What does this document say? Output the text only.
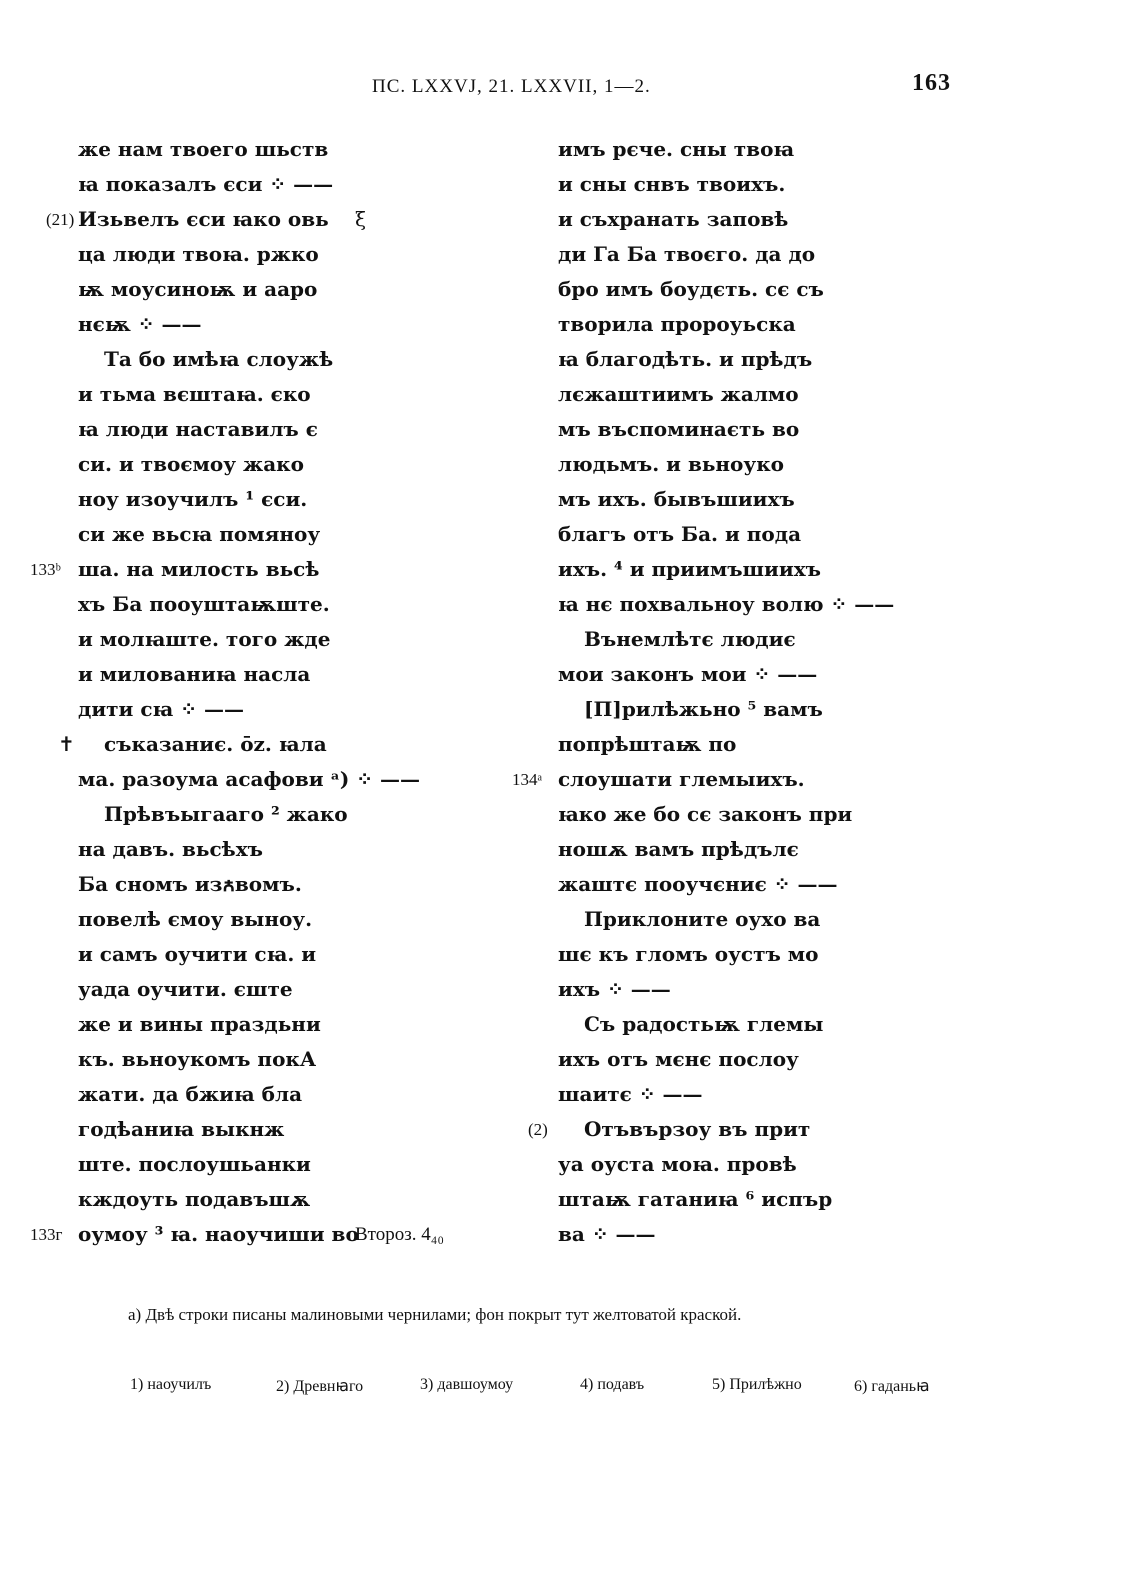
ПС. LXXVJ, 21. LXXVII, 1—2.	163
же нам твоего шьств
ꙗ показалъ єси ⁘ ——
(21) Изьвелъ єси ꙗко овь ξ
ца люди твоꙗ. ржко
ѭ моусиноѭ и ааро
нєѭ ⁘ ——
Та бо имѣꙗ слоужѣ
и тьма вєштаꙗ. єко
ꙗ люди наставилъ є
си. и твоємоу жако
ноу изоучилъ ¹ єси.
си же вьсꙗ помяноу
133ᵇ ша. на милость вьсѣ
хъ Ба пооуштаѭште.
и молꙗште. того жде
и милованиꙗ насла
дити сꙗ ⁘ ——
✝ съказаниє. ōz. ꙗла
ма. разоума асафови ᵃ) ⁘ ——
Прѣвъыгааго ² жако
на давъ. вьсѣхъ
Ба сномъ изꙉвомъ.
повелѣ ємоу выноу.
и самъ оучити сꙗ. и
уада оучити. єште
же и вины праздьни
къ. вьноукомъ покА
жати. да бжиꙗ бла
годѣаниꙗ выкнж
ште. послоушьанки
кждоуть подавъшѫ
133ᴦ оумоу ³ ꙗ. наоучиши во
Второз. 4₄₀
имъ рєче. сны твоꙗ
и сны снвъ твоихъ.
и съхранать заповѣ
ди Га Ба твоєго. да до
бро имъ боудєть. сє съ
творила пророуьска
ꙗ благодѣть. и прѣдъ
лєжаштиимъ жалмо
мъ въспоминаєть во
людьмъ. и вьноуко
мъ ихъ. бывъшиихъ
благъ отъ Ба. и пода
ихъ. ⁴ и приимъшиихъ
ꙗ нє похвальноу волю ⁘ ——
Вънемлѣтє людиє
мои законъ мои ⁘ ——
[П]рилѣжьно ⁵ вамъ
попрѣштаѭ по
134ᵃ слоушати глемыихъ.
ꙗко же бо сє законъ при
ношѫ вамъ прѣдълє
жаштє пооучєниє ⁘ ——
Приклоните оухо ва
шє къ гломъ оустъ мо
ихъ ⁘ ——
Съ радостьѭ глемы
ихъ отъ мєнє послоу
шаитє ⁘ ——
(2) Отъвързоу въ прит
уа оуста моꙗ. провѣ
штаѭ гатаниꙗ ⁶ испър
ва ⁘ ——
а) Двѣ строки писаны малиновыми чернилами; фон покрыт тут желтоватой краской.
1) наоучилъ	2) Древнꙗго	3) давшоумоу	4) подавъ	5) Прилѣжно	6) гаданьꙗ
